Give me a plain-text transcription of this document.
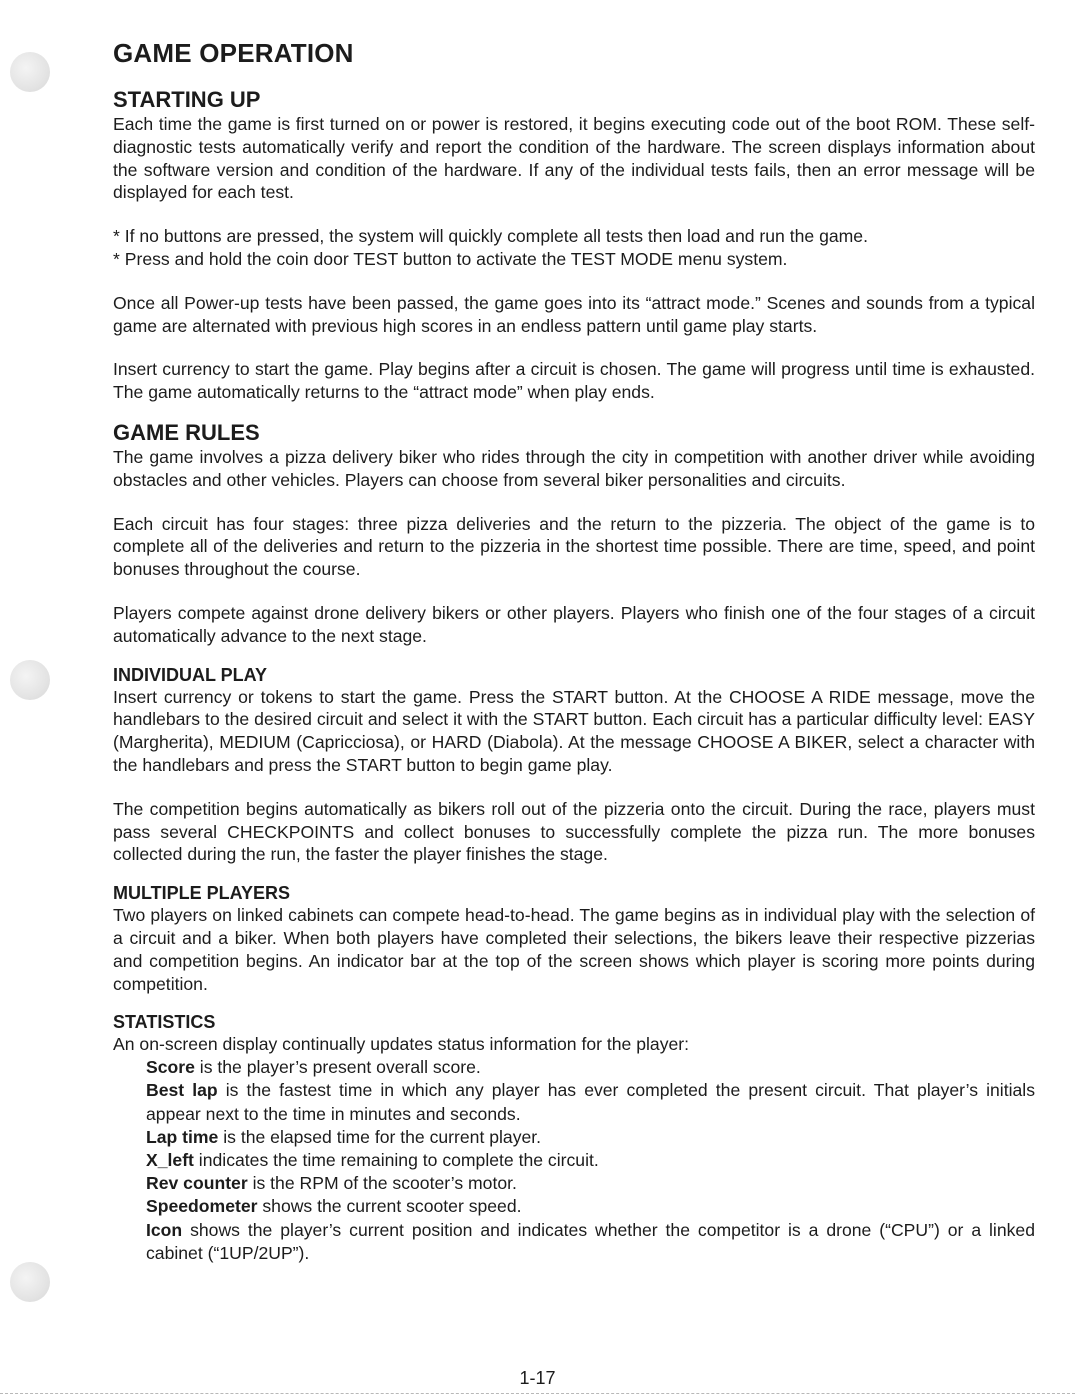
GAME OPERATION
STARTING UP

Each time the game is first turned on or power is restored, it begins executing code out of the boot ROM. These self-diagnostic tests automatically verify and report the condition of the hardware. The screen displays information about the software version and condition of the hardware. If any of the individual tests fails, then an error message will be displayed for each test.

* If no buttons are pressed, the system will quickly complete all tests then load and run the game.
* Press and hold the coin door TEST button to activate the TEST MODE menu system.

Once all Power-up tests have been passed, the game goes into its “attract mode.” Scenes and sounds from a typical game are alternated with previous high scores in an endless pattern until game play starts.

Insert currency to start the game. Play begins after a circuit is chosen. The game will progress until time is exhausted. The game automatically returns to the “attract mode” when play ends.

GAME RULES

The game involves a pizza delivery biker who rides through the city in competition with another driver while avoiding obstacles and other vehicles. Players can choose from several biker personalities and circuits.

Each circuit has four stages: three pizza deliveries and the return to the pizzeria. The object of the game is to complete all of the deliveries and return to the pizzeria in the shortest time possible. There are time, speed, and point bonuses throughout the course.

Players compete against drone delivery bikers or other players. Players who finish one of the four stages of a circuit automatically advance to the next stage.

INDIVIDUAL PLAY

Insert currency or tokens to start the game. Press the START button. At the CHOOSE A RIDE message, move the handlebars to the desired circuit and select it with the START button. Each circuit has a particular difficulty level: EASY (Margherita), MEDIUM (Capricciosa), or HARD (Diabola). At the message CHOOSE A BIKER, select a character with the handlebars and press the START button to begin game play.

The competition begins automatically as bikers roll out of the pizzeria onto the circuit. During the race, players must pass several CHECKPOINTS and collect bonuses to successfully complete the pizza run. The more bonuses collected during the run, the faster the player finishes the stage.

MULTIPLE PLAYERS

Two players on linked cabinets can compete head-to-head. The game begins as in individual play with the selection of a circuit and a biker. When both players have completed their selections, the bikers leave their respective pizzerias and competition begins. An indicator bar at the top of the screen shows which player is scoring more points during competition.

STATISTICS

An on-screen display continually updates status information for the player:

Score is the player’s present overall score.
Best lap is the fastest time in which any player has ever completed the present circuit. That player’s initials appear next to the time in minutes and seconds.
Lap time is the elapsed time for the current player.
X_left indicates the time remaining to complete the circuit.
Rev counter is the RPM of the scooter’s motor.
Speedometer shows the current scooter speed.
Icon shows the player’s current position and indicates whether the competitor is a drone (“CPU”) or a linked cabinet (“1UP/2UP”).
1-17
